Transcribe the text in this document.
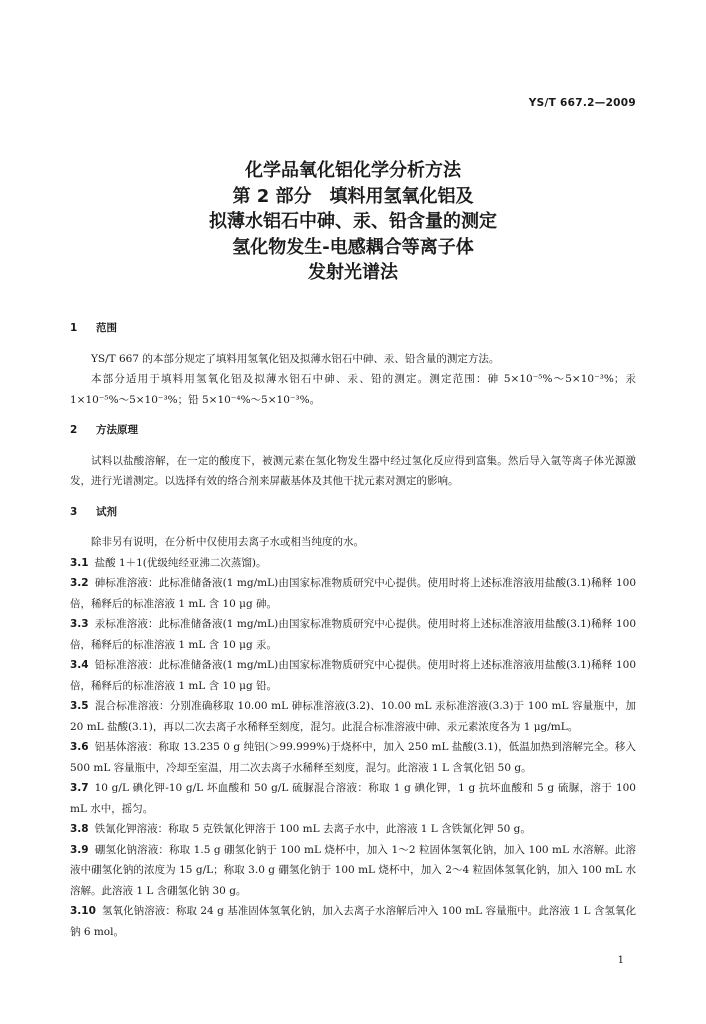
YS/T 667.2—2009
化学品氧化铝化学分析方法
第 2 部分　填料用氢氧化铝及
拟薄水铝石中砷、汞、铅含量的测定
氢化物发生-电感耦合等离子体
发射光谱法
1 范围
YS/T 667 的本部分规定了填料用氢氧化铝及拟薄水铝石中砷、汞、铅含量的测定方法。
本部分适用于填料用氢氧化铝及拟薄水铝石中砷、汞、铅的测定。测定范围：砷 5×10⁻⁵%～5×10⁻³%；汞 1×10⁻⁵%～5×10⁻³%；铅 5×10⁻⁴%～5×10⁻³%。
2 方法原理
试料以盐酸溶解，在一定的酸度下，被测元素在氢化物发生器中经过氢化反应得到富集。然后导入氩等离子体光源激发，进行光谱测定。以选择有效的络合剂来屏蔽基体及其他干扰元素对测定的影响。
3 试剂
除非另有说明，在分析中仅使用去离子水或相当纯度的水。
3.1 盐酸 1＋1(优级纯经亚沸二次蒸馏)。
3.2 砷标准溶液：此标准储备液(1 mg/mL)由国家标准物质研究中心提供。使用时将上述标准溶液用盐酸(3.1)稀释 100 倍，稀释后的标准溶液 1 mL 含 10 μg 砷。
3.3 汞标准溶液：此标准储备液(1 mg/mL)由国家标准物质研究中心提供。使用时将上述标准溶液用盐酸(3.1)稀释 100 倍，稀释后的标准溶液 1 mL 含 10 μg 汞。
3.4 铅标准溶液：此标准储备液(1 mg/mL)由国家标准物质研究中心提供。使用时将上述标准溶液用盐酸(3.1)稀释 100 倍，稀释后的标准溶液 1 mL 含 10 μg 铅。
3.5 混合标准溶液：分别准确移取 10.00 mL 砷标准溶液(3.2)、10.00 mL 汞标准溶液(3.3)于 100 mL 容量瓶中，加 20 mL 盐酸(3.1)，再以二次去离子水稀释至刻度，混匀。此混合标准溶液中砷、汞元素浓度各为 1 μg/mL。
3.6 铝基体溶液：称取 13.235 0 g 纯铝(＞99.999%)于烧杯中，加入 250 mL 盐酸(3.1)，低温加热到溶解完全。移入 500 mL 容量瓶中，冷却至室温，用二次去离子水稀释至刻度，混匀。此溶液 1 L 含氧化铝 50 g。
3.7 10 g/L 碘化钾-10 g/L 坏血酸和 50 g/L 硫脲混合溶液：称取 1 g 碘化钾，1 g 抗坏血酸和 5 g 硫脲，溶于 100 mL 水中，摇匀。
3.8 铁氰化钾溶液：称取 5 克铁氰化钾溶于 100 mL 去离子水中，此溶液 1 L 含铁氰化钾 50 g。
3.9 硼氢化钠溶液：称取 1.5 g 硼氢化钠于 100 mL 烧杯中，加入 1～2 粒固体氢氧化钠，加入 100 mL 水溶解。此溶液中硼氢化钠的浓度为 15 g/L；称取 3.0 g 硼氢化钠于 100 mL 烧杯中，加入 2～4 粒固体氢氧化钠，加入 100 mL 水溶解。此溶液 1 L 含硼氢化钠 30 g。
3.10 氢氧化钠溶液：称取 24 g 基准固体氢氧化钠，加入去离子水溶解后冲入 100 mL 容量瓶中。此溶液 1 L 含氢氧化钠 6 mol。
1
